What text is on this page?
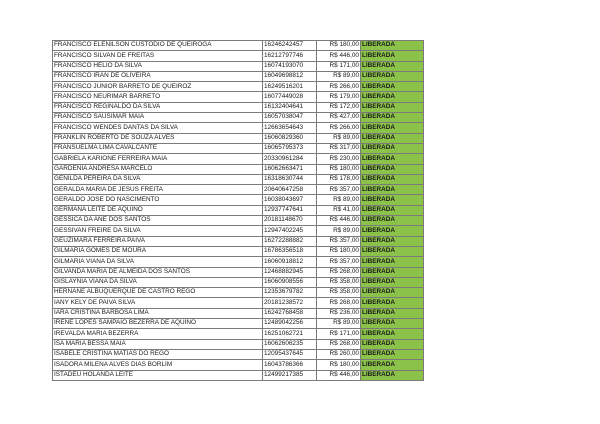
FRANCISCO ELENILSON CUSTODIO DE QUEIROGA	16246242457	R$ 180,00	LIBERADA
FRANCISCO SILVAN DE FREITAS	16212797746	R$ 446,00	LIBERADA
FRANCISCO HELIO DA SILVA	16074193070	R$ 171,00	LIBERADA
FRANCISCO IRAN DE OLIVEIRA	16049698812	R$ 89,00	LIBERADA
FRANCISCO JUNIOR BARRETO DE QUEIROZ	16249516201	R$ 266,00	LIBERADA
FRANCISCO NEURIMAR BARRETO	16077449028	R$ 179,00	LIBERADA
FRANCISCO REGINALDO DA SILVA	16132404641	R$ 172,00	LIBERADA
FRANCISCO SAUSIMAR MAIA	16057038047	R$ 427,00	LIBERADA
FRANCISCO WENDES DANTAS DA SILVA	12663654643	R$ 266,00	LIBERADA
FRANKLIN ROBERTO DE SOUZA ALVES	16060829360	R$ 89,00	LIBERADA
FRANSUELMA LIMA CAVALCANTE	16065795373	R$ 317,00	LIBERADA
GABRIELA KARIONE FERREIRA MAIA	20330961284	R$ 230,00	LIBERADA
GARDENIA ANDRESA MARCELO	16062663471	R$ 180,00	LIBERADA
GENILDA PEREIRA DA SILVA	16318630744	R$ 178,00	LIBERADA
GERALDA MARIA DE JESUS FREITA	20640647258	R$ 357,00	LIBERADA
GERALDO JOSE DO NASCIMENTO	16038043697	R$ 89,00	LIBERADA
GERMANA LEITE DE AQUINO	12937747641	R$ 41,00	LIBERADA
GESSICA DA ANE DOS SANTOS	20181148670	R$ 446,00	LIBERADA
GESSIVAN FREIRE DA SILVA	12947402245	R$ 89,00	LIBERADA
GEUZIMARA FERREIRA PAIVA	16272288882	R$ 357,00	LIBERADA
GILMARIA GOMES DE MOURA	16786356518	R$ 180,00	LIBERADA
GILMARIA VIANA DA SILVA	16060918812	R$ 357,00	LIBERADA
GILVANDA MARIA DE ALMEIDA DOS SANTOS	12468882945	R$ 268,00	LIBERADA
GISLAYNIA VIANA DA SILVA	16060908556	R$ 358,00	LIBERADA
HERNANE ALBUQUERQUE DE CASTRO REGO	12353679782	R$ 358,00	LIBERADA
IANY KELY DE PAIVA SILVA	20181238572	R$ 268,00	LIBERADA
IARA CRISTINA BARBOSA LIMA	16242768458	R$ 236,00	LIBERADA
IRENE LOPES SAMPAIO BEZERRA DE AQUINO	12489042256	R$ 89,00	LIBERADA
IREVALDA MARIA BEZERRA	16251062721	R$ 171,00	LIBERADA
ISA MARIA BESSA MAIA	16062606235	R$ 268,00	LIBERADA
ISABELE CRISTINA MATIAS DO REGO	12095437645	R$ 260,00	LIBERADA
ISADORA MILENA ALVES DIAS BORLIM	16043786366	R$ 180,00	LIBERADA
ISTADEU HOLANDA LEITE	12499217385	R$ 446,00	LIBERADA
